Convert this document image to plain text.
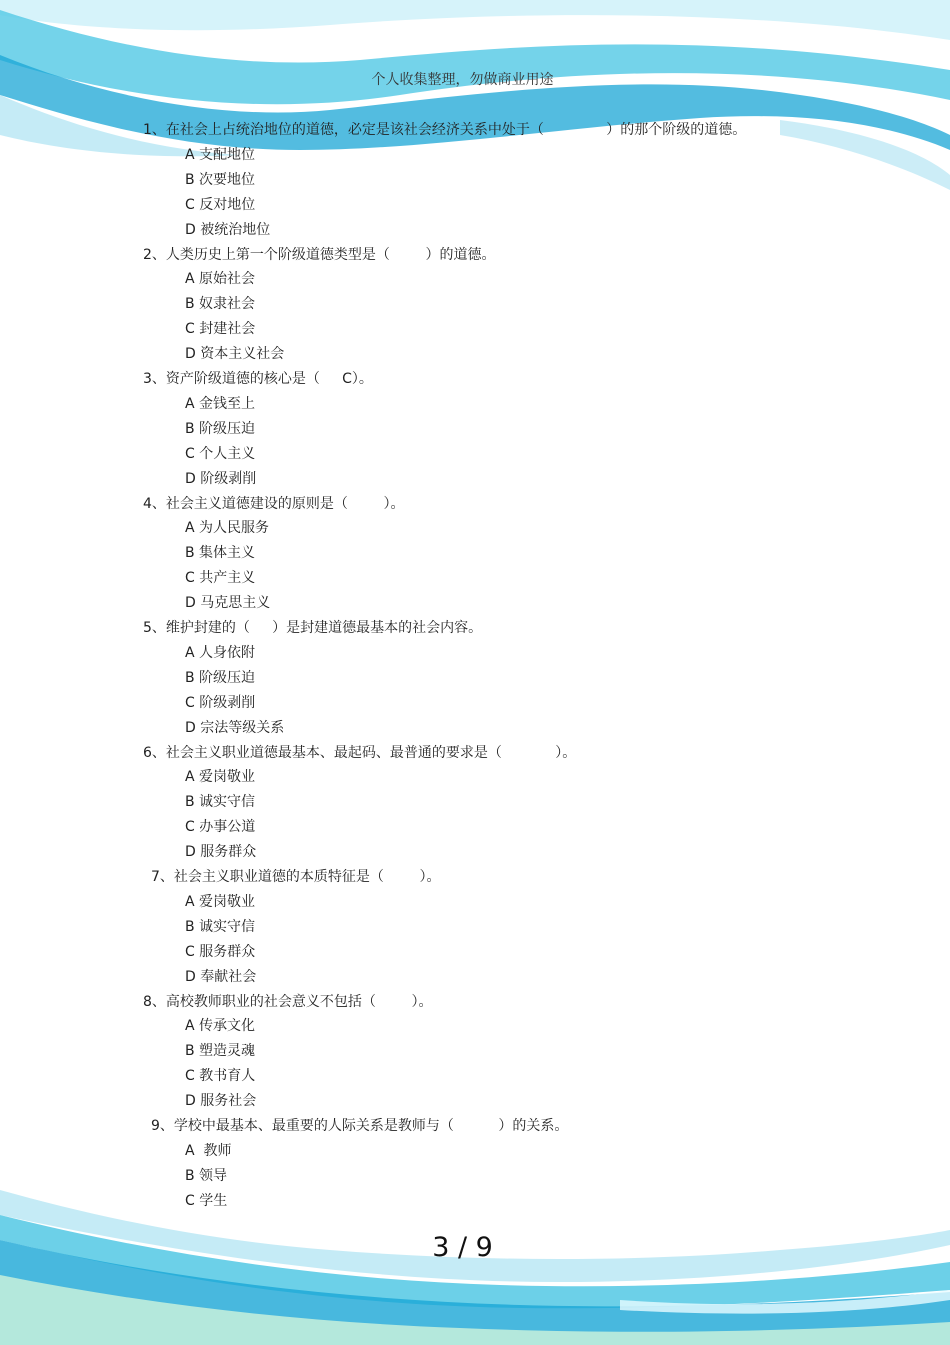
个人收集整理，勿做商业用途
1、在社会上占统治地位的道德，必定是该社会经济关系中处于（              ）的那个阶级的道德。
A 支配地位
B 次要地位
C 反对地位
D 被统治地位
2、人类历史上第一个阶级道德类型是（        ）的道德。
A 原始社会
B 奴隶社会
C 封建社会
D 资本主义社会
3、资产阶级道德的核心是（     C）。
A 金钱至上
B 阶级压迫
C 个人主义
D 阶级剥削
4、社会主义道德建设的原则是（        ）。
A 为人民服务
B 集体主义
C 共产主义
D 马克思主义
5、维护封建的（     ）是封建道德最基本的社会内容。
A 人身依附
B 阶级压迫
C 阶级剥削
D 宗法等级关系
6、社会主义职业道德最基本、最起码、最普通的要求是（            ）。
A 爱岗敬业
B 诚实守信
C 办事公道
D 服务群众
7、社会主义职业道德的本质特征是（        ）。
A 爱岗敬业
B 诚实守信
C 服务群众
D 奉献社会
8、高校教师职业的社会意义不包括（        ）。
A 传承文化
B 塑造灵魂
C 教书育人
D 服务社会
9、学校中最基本、最重要的人际关系是教师与（          ）的关系。
A  教师
B 领导
C 学生
3 / 9
